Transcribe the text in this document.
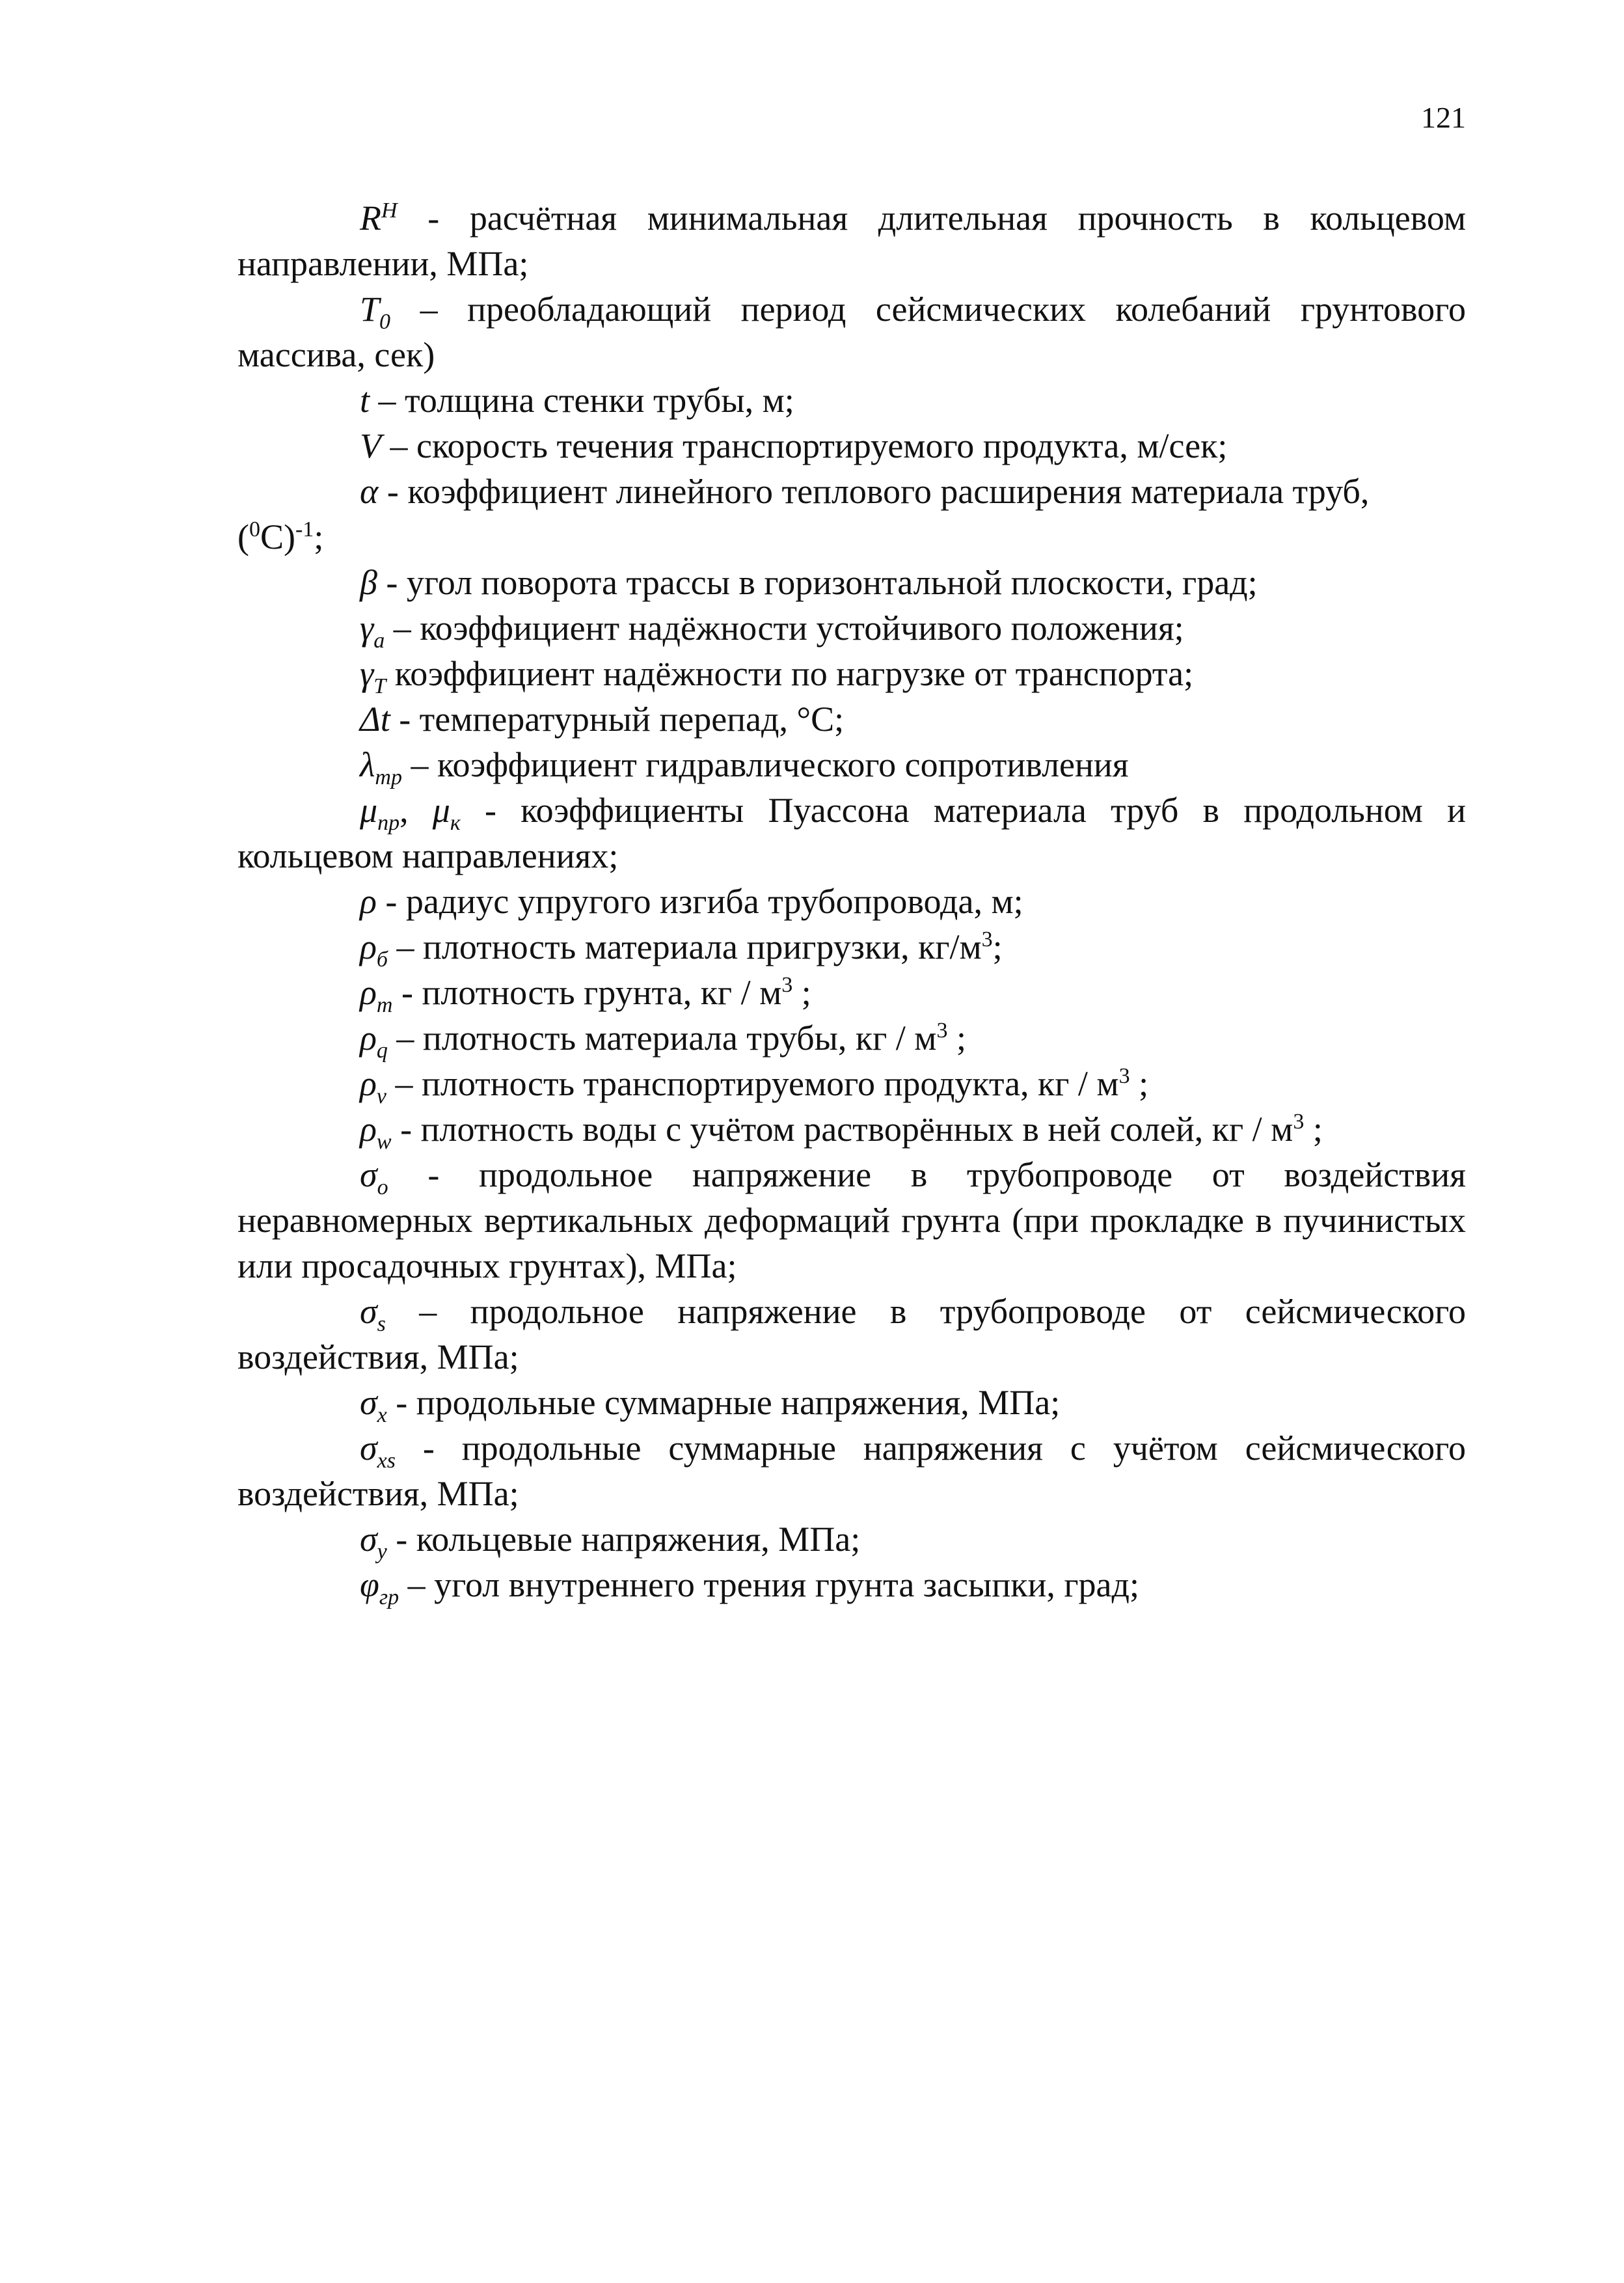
121

$R^Н$ - расчётная минимальная длительная прочность в кольцевом направлении, МПа;

$T_0$ – преобладающий период сейсмических колебаний грунтового массива, сек)

t – толщина стенки трубы, м;

V – скорость течения транспортируемого продукта, м/сек;

α - коэффициент линейного теплового расширения материала труб,

$(^0C)^{-1}$;

β - угол поворота трассы в горизонтальной плоскости, град;

$\gamma_a$ – коэффициент надёжности устойчивого положения;

$\gamma_T$ коэффициент надёжности по нагрузке от транспорта;

Δt - температурный перепад, °С;

$\lambda_{тр}$ – коэффициент гидравлического сопротивления

$\mu_{пр}$, $\mu_к$ - коэффициенты Пуассона материала труб в продольном и кольцевом направлениях;

ρ - радиус упругого изгиба трубопровода, м;

$\rho_б$ – плотность материала пригрузки, $кг/м^3$;

$\rho_т$ - плотность грунта, кг / $м^3$ ;

$\rho_q$ – плотность материала трубы, кг / $м^3$ ;

$\rho_v$ – плотность транспортируемого продукта, кг / $м^3$ ;

$\rho_w$ - плотность воды с учётом растворённых в ней солей, кг / $м^3$ ;

$\sigma_o$ - продольное напряжение в трубопроводе от воздействия неравномерных вертикальных деформаций грунта (при прокладке в пучинистых или просадочных грунтах), МПа;

$\sigma_s$ – продольное напряжение в трубопроводе от сейсмического воздействия, МПа;

$\sigma_x$ - продольные суммарные напряжения, МПа;

$\sigma_{xs}$ - продольные суммарные напряжения с учётом сейсмического воздействия, МПа;

$\sigma_y$ - кольцевые напряжения, МПа;

$\varphi_{гр}$ – угол внутреннего трения грунта засыпки, град;
